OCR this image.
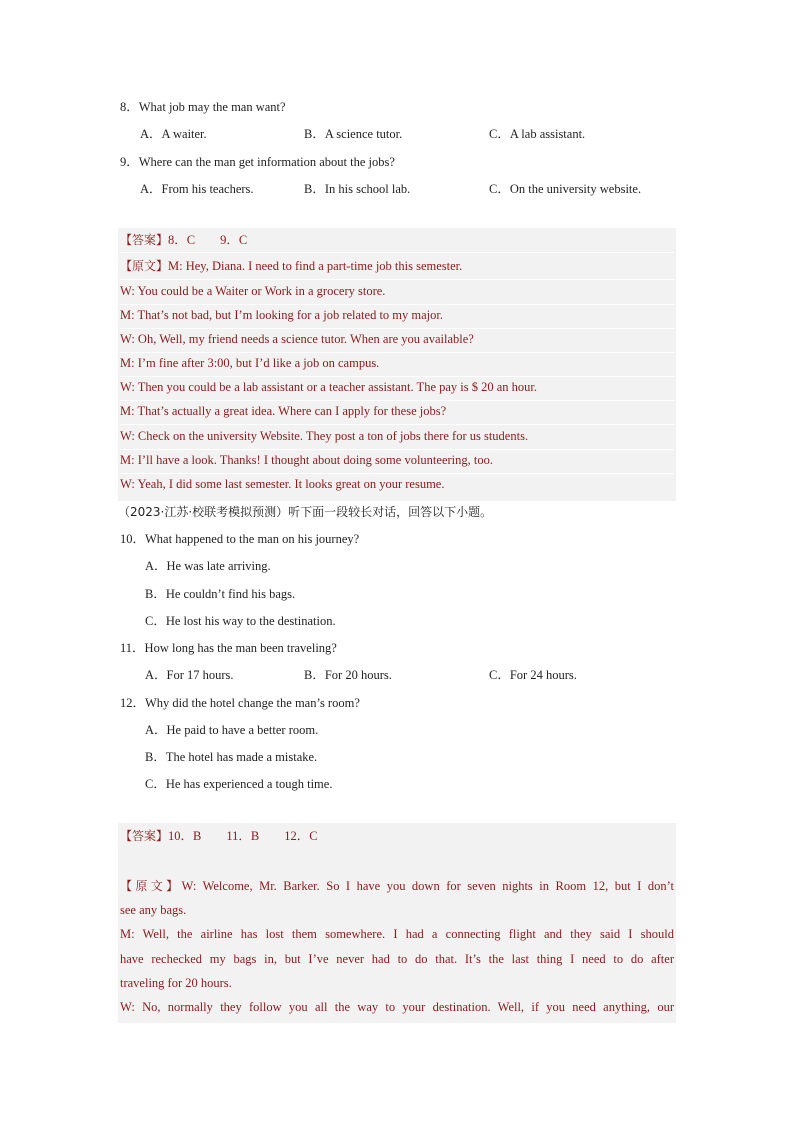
8．What job may the man want?
A．A waiter.	B．A science tutor.	C．A lab assistant.
9．Where can the man get information about the jobs?
A．From his teachers.	B．In his school lab.	C．On the university website.
【答案】8．C　　9．C
【原文】M: Hey, Diana. I need to find a part-time job this semester.
W: You could be a Waiter or Work in a grocery store.
M: That’s not bad, but I’m looking for a job related to my major.
W: Oh, Well, my friend needs a science tutor. When are you available?
M: I’m fine after 3:00, but I’d like a job on campus.
W: Then you could be a lab assistant or a teacher assistant. The pay is $ 20 an hour.
M: That’s actually a great idea. Where can I apply for these jobs?
W: Check on the university Website. They post a ton of jobs there for us students.
M: I’ll have a look. Thanks! I thought about doing some volunteering, too.
W: Yeah, I did some last semester. It looks great on your resume.
（2023·江苏·校联考模拟预测）听下面一段较长对话，回答以下小题。
10．What happened to the man on his journey?
A．He was late arriving.
B．He couldn’t find his bags.
C．He lost his way to the destination.
11．How long has the man been traveling?
A．For 17 hours.	B．For 20 hours.	C．For 24 hours.
12．Why did the hotel change the man’s room?
A．He paid to have a better room.
B．The hotel has made a mistake.
C．He has experienced a tough time.
【答案】10．B　　11．B　　12．C
【原文】W: Welcome, Mr. Barker. So I have you down for seven nights in Room 12, but I don’t
see any bags.
M: Well, the airline has lost them somewhere. I had a connecting flight and they said I should
have rechecked my bags in, but I’ve never had to do that. It’s the last thing I need to do after
traveling for 20 hours.
W: No, normally they follow you all the way to your destination. Well, if you need anything, our
